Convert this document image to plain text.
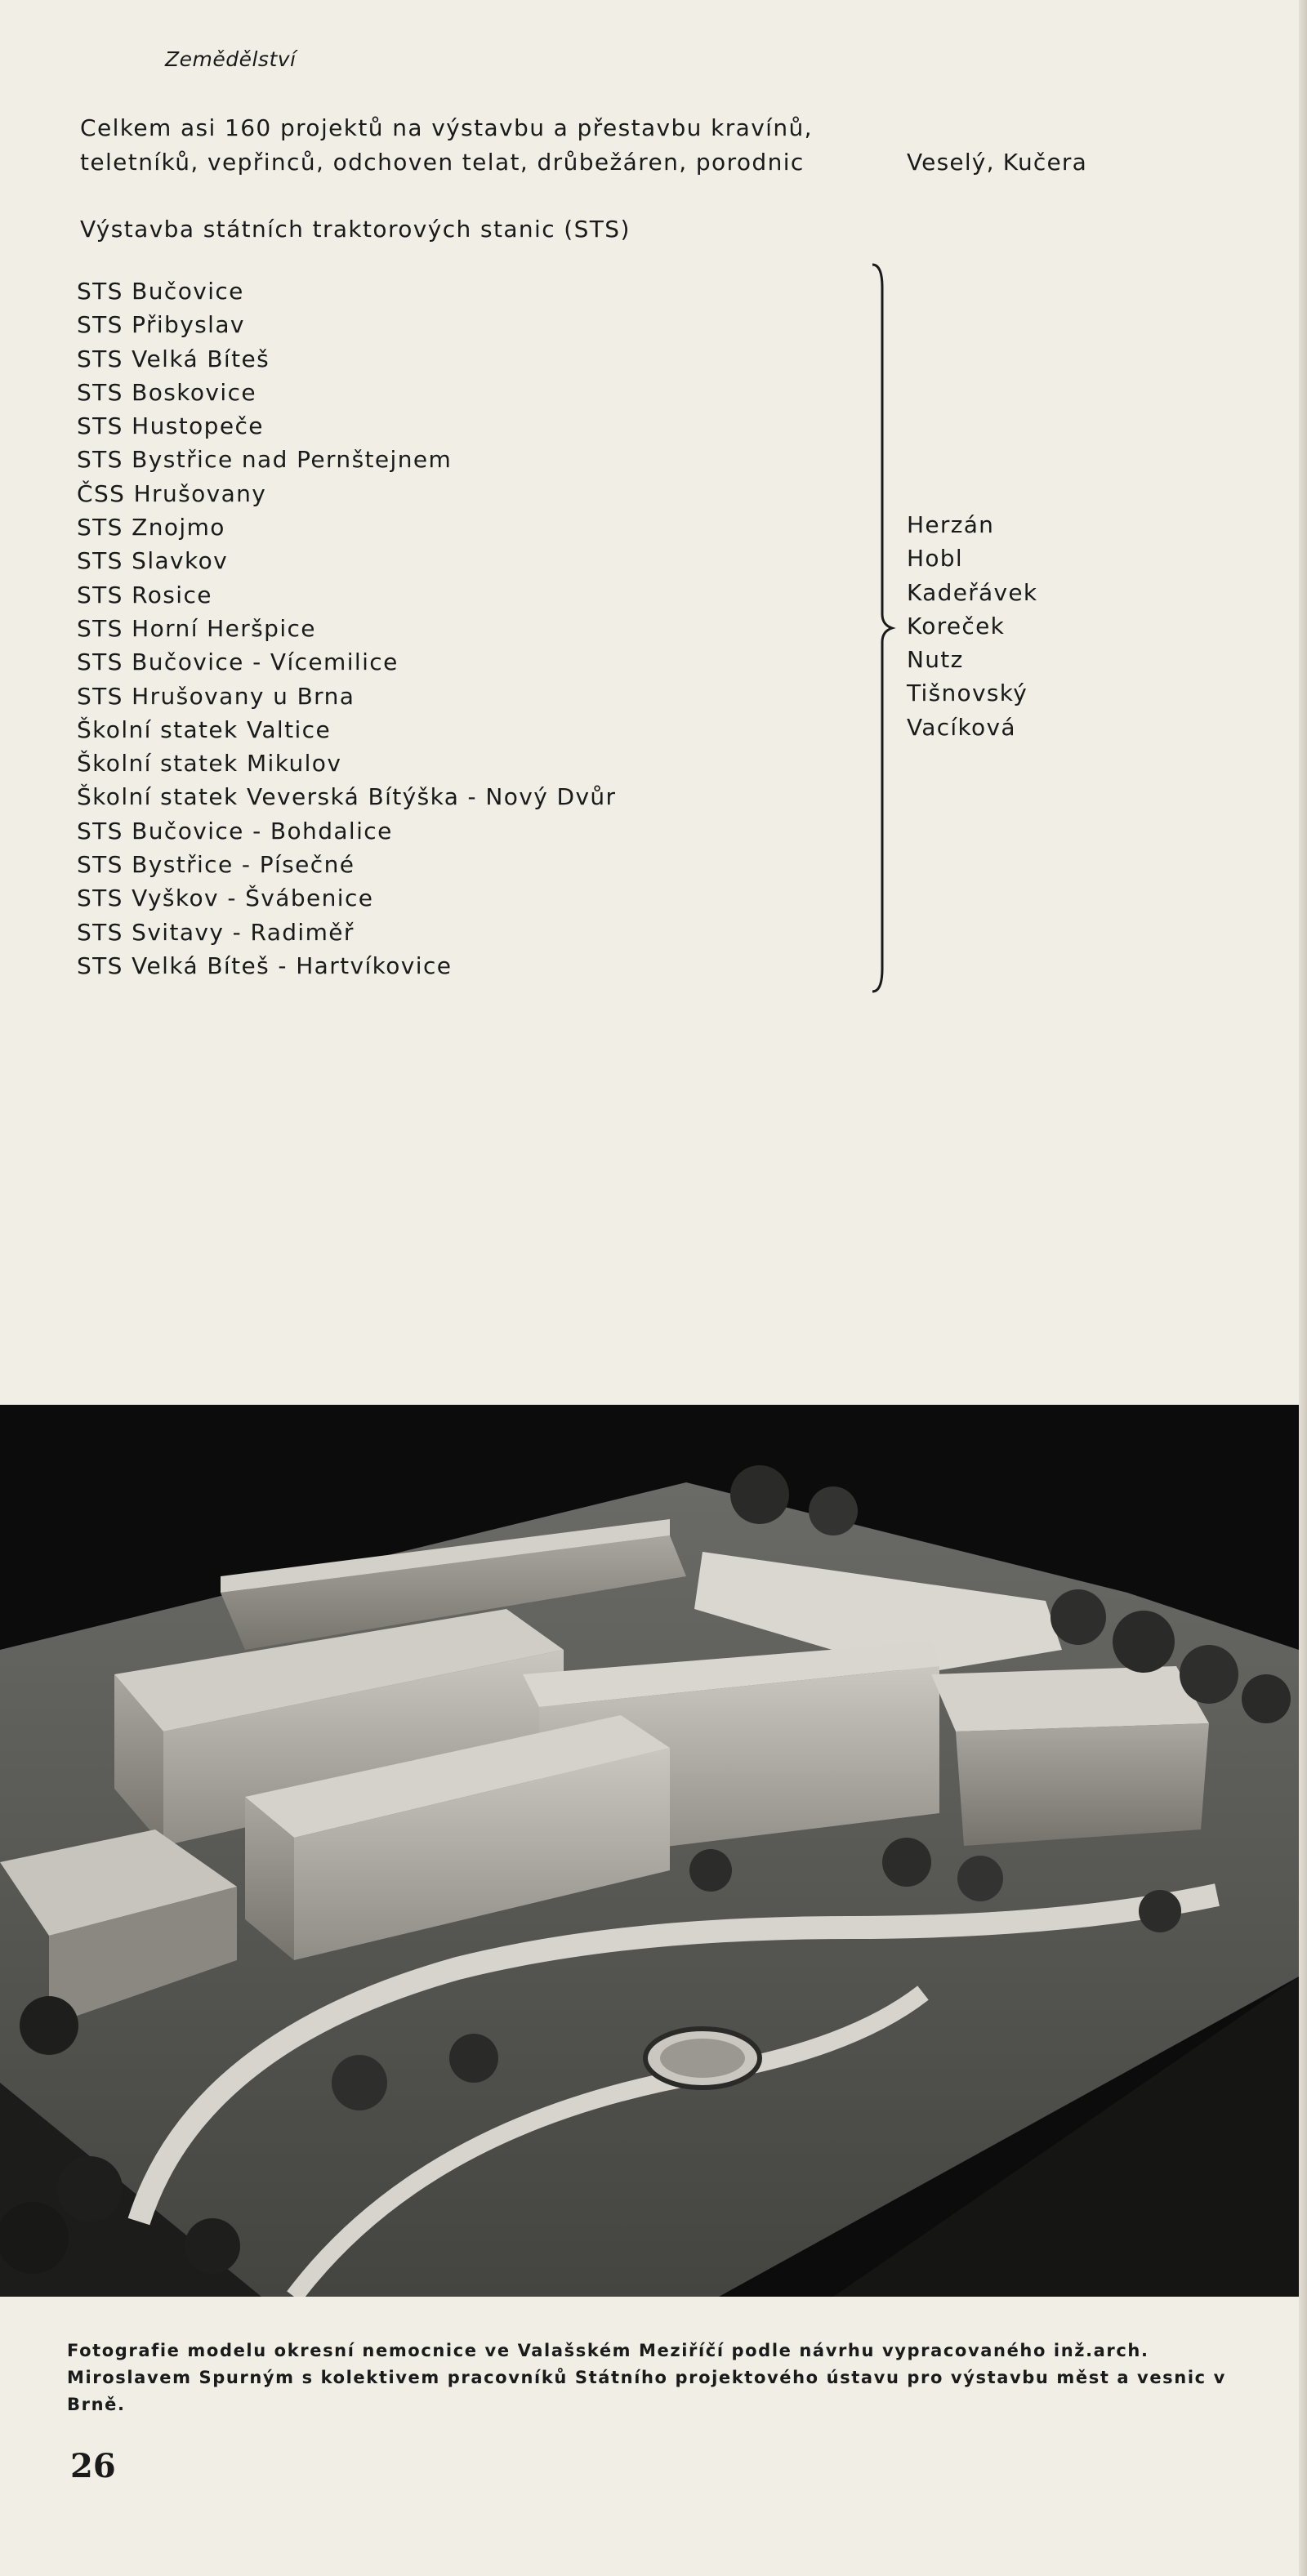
Zemědělství
Celkem asi 160 projektů na výstavbu a přestavbu kravínů,
teletníků, vepřinců, odchoven telat, drůbežáren, porodnic	Veselý, Kučera
Výstavba státních traktorových stanic (STS)
STS Bučovice
STS Přibyslav
STS Velká Bíteš
STS Boskovice
STS Hustopeče
STS Bystřice nad Pernštejnem
ČSS Hrušovany
STS Znojmo
STS Slavkov
STS Rosice
STS Horní Heršpice
STS Bučovice - Vícemilice
STS Hrušovany u Brna
Školní statek Valtice
Školní statek Mikulov
Školní statek Veverská Bítýška - Nový Dvůr
STS Bučovice - Bohdalice
STS Bystřice - Písečné
STS Vyškov - Švábenice
STS Svitavy - Radiměř
STS Velká Bíteš - Hartvíkovice
Herzán
Hobl
Kadeřávek
Koreček
Nutz
Tišnovský
Vacíková
Fotografie modelu okresní nemocnice ve Valašském Meziříčí podle návrhu vypracovaného inž.arch. Miroslavem Spurným s kolektivem pracovníků Státního projektového ústavu pro výstavbu měst a vesnic v Brně.
26
